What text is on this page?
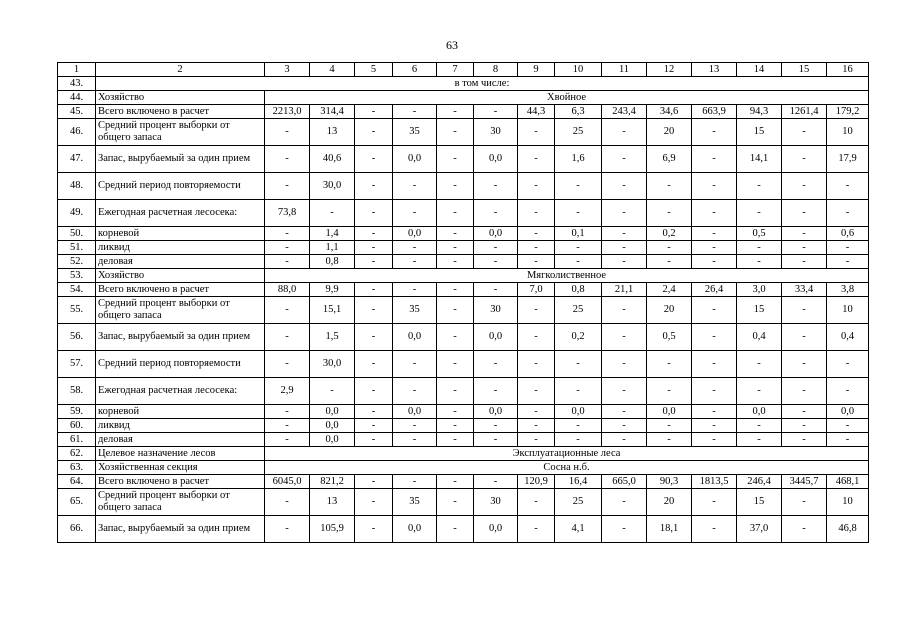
63
1	2	3	4	5	6	7	8	9	10	11	12	13	14	15	16
43.	в том числе:														
44.	Хозяйство	Хвойное													
45.	Всего включено в расчет	2213,0	314,4	-	-	-	-	44,3	6,3	243,4	34,6	663,9	94,3	1261,4	179,2
46.	Средний процент выборки от общего запаса	-	13	-	35	-	30	-	25	-	20	-	15	-	10
47.	Запас, вырубаемый за один прием	-	40,6	-	0,0	-	0,0	-	1,6	-	6,9	-	14,1	-	17,9
48.	Средний период повторяемости	-	30,0	-	-	-	-	-	-	-	-	-	-	-	-
49.	Ежегодная расчетная лесосека:	73,8	-	-	-	-	-	-	-	-	-	-	-	-	-
50.	корневой	-	1,4	-	0,0	-	0,0	-	0,1	-	0,2	-	0,5	-	0,6
51.	ликвид	-	1,1	-	-	-	-	-	-	-	-	-	-	-	-
52.	деловая	-	0,8	-	-	-	-	-	-	-	-	-	-	-	-
53.	Хозяйство	Мягколиственное													
54.	Всего включено в расчет	88,0	9,9	-	-	-	-	7,0	0,8	21,1	2,4	26,4	3,0	33,4	3,8
55.	Средний процент выборки от общего запаса	-	15,1	-	35	-	30	-	25	-	20	-	15	-	10
56.	Запас, вырубаемый за один прием	-	1,5	-	0,0	-	0,0	-	0,2	-	0,5	-	0,4	-	0,4
57.	Средний период повторяемости	-	30,0	-	-	-	-	-	-	-	-	-	-	-	-
58.	Ежегодная расчетная лесосека:	2,9	-	-	-	-	-	-	-	-	-	-	-	-	-
59.	корневой	-	0,0	-	0,0	-	0,0	-	0,0	-	0,0	-	0,0	-	0,0
60.	ликвид	-	0,0	-	-	-	-	-	-	-	-	-	-	-	-
61.	деловая	-	0,0	-	-	-	-	-	-	-	-	-	-	-	-
62.	Целевое назначение лесов	Эксплуатационные леса													
63.	Хозяйственная секция	Сосна н.б.													
64.	Всего включено в расчет	6045,0	821,2	-	-	-	-	120,9	16,4	665,0	90,3	1813,5	246,4	3445,7	468,1
65.	Средний процент выборки от общего запаса	-	13	-	35	-	30	-	25	-	20	-	15	-	10
66.	Запас, вырубаемый за один прием	-	105,9	-	0,0	-	0,0	-	4,1	-	18,1	-	37,0	-	46,8
